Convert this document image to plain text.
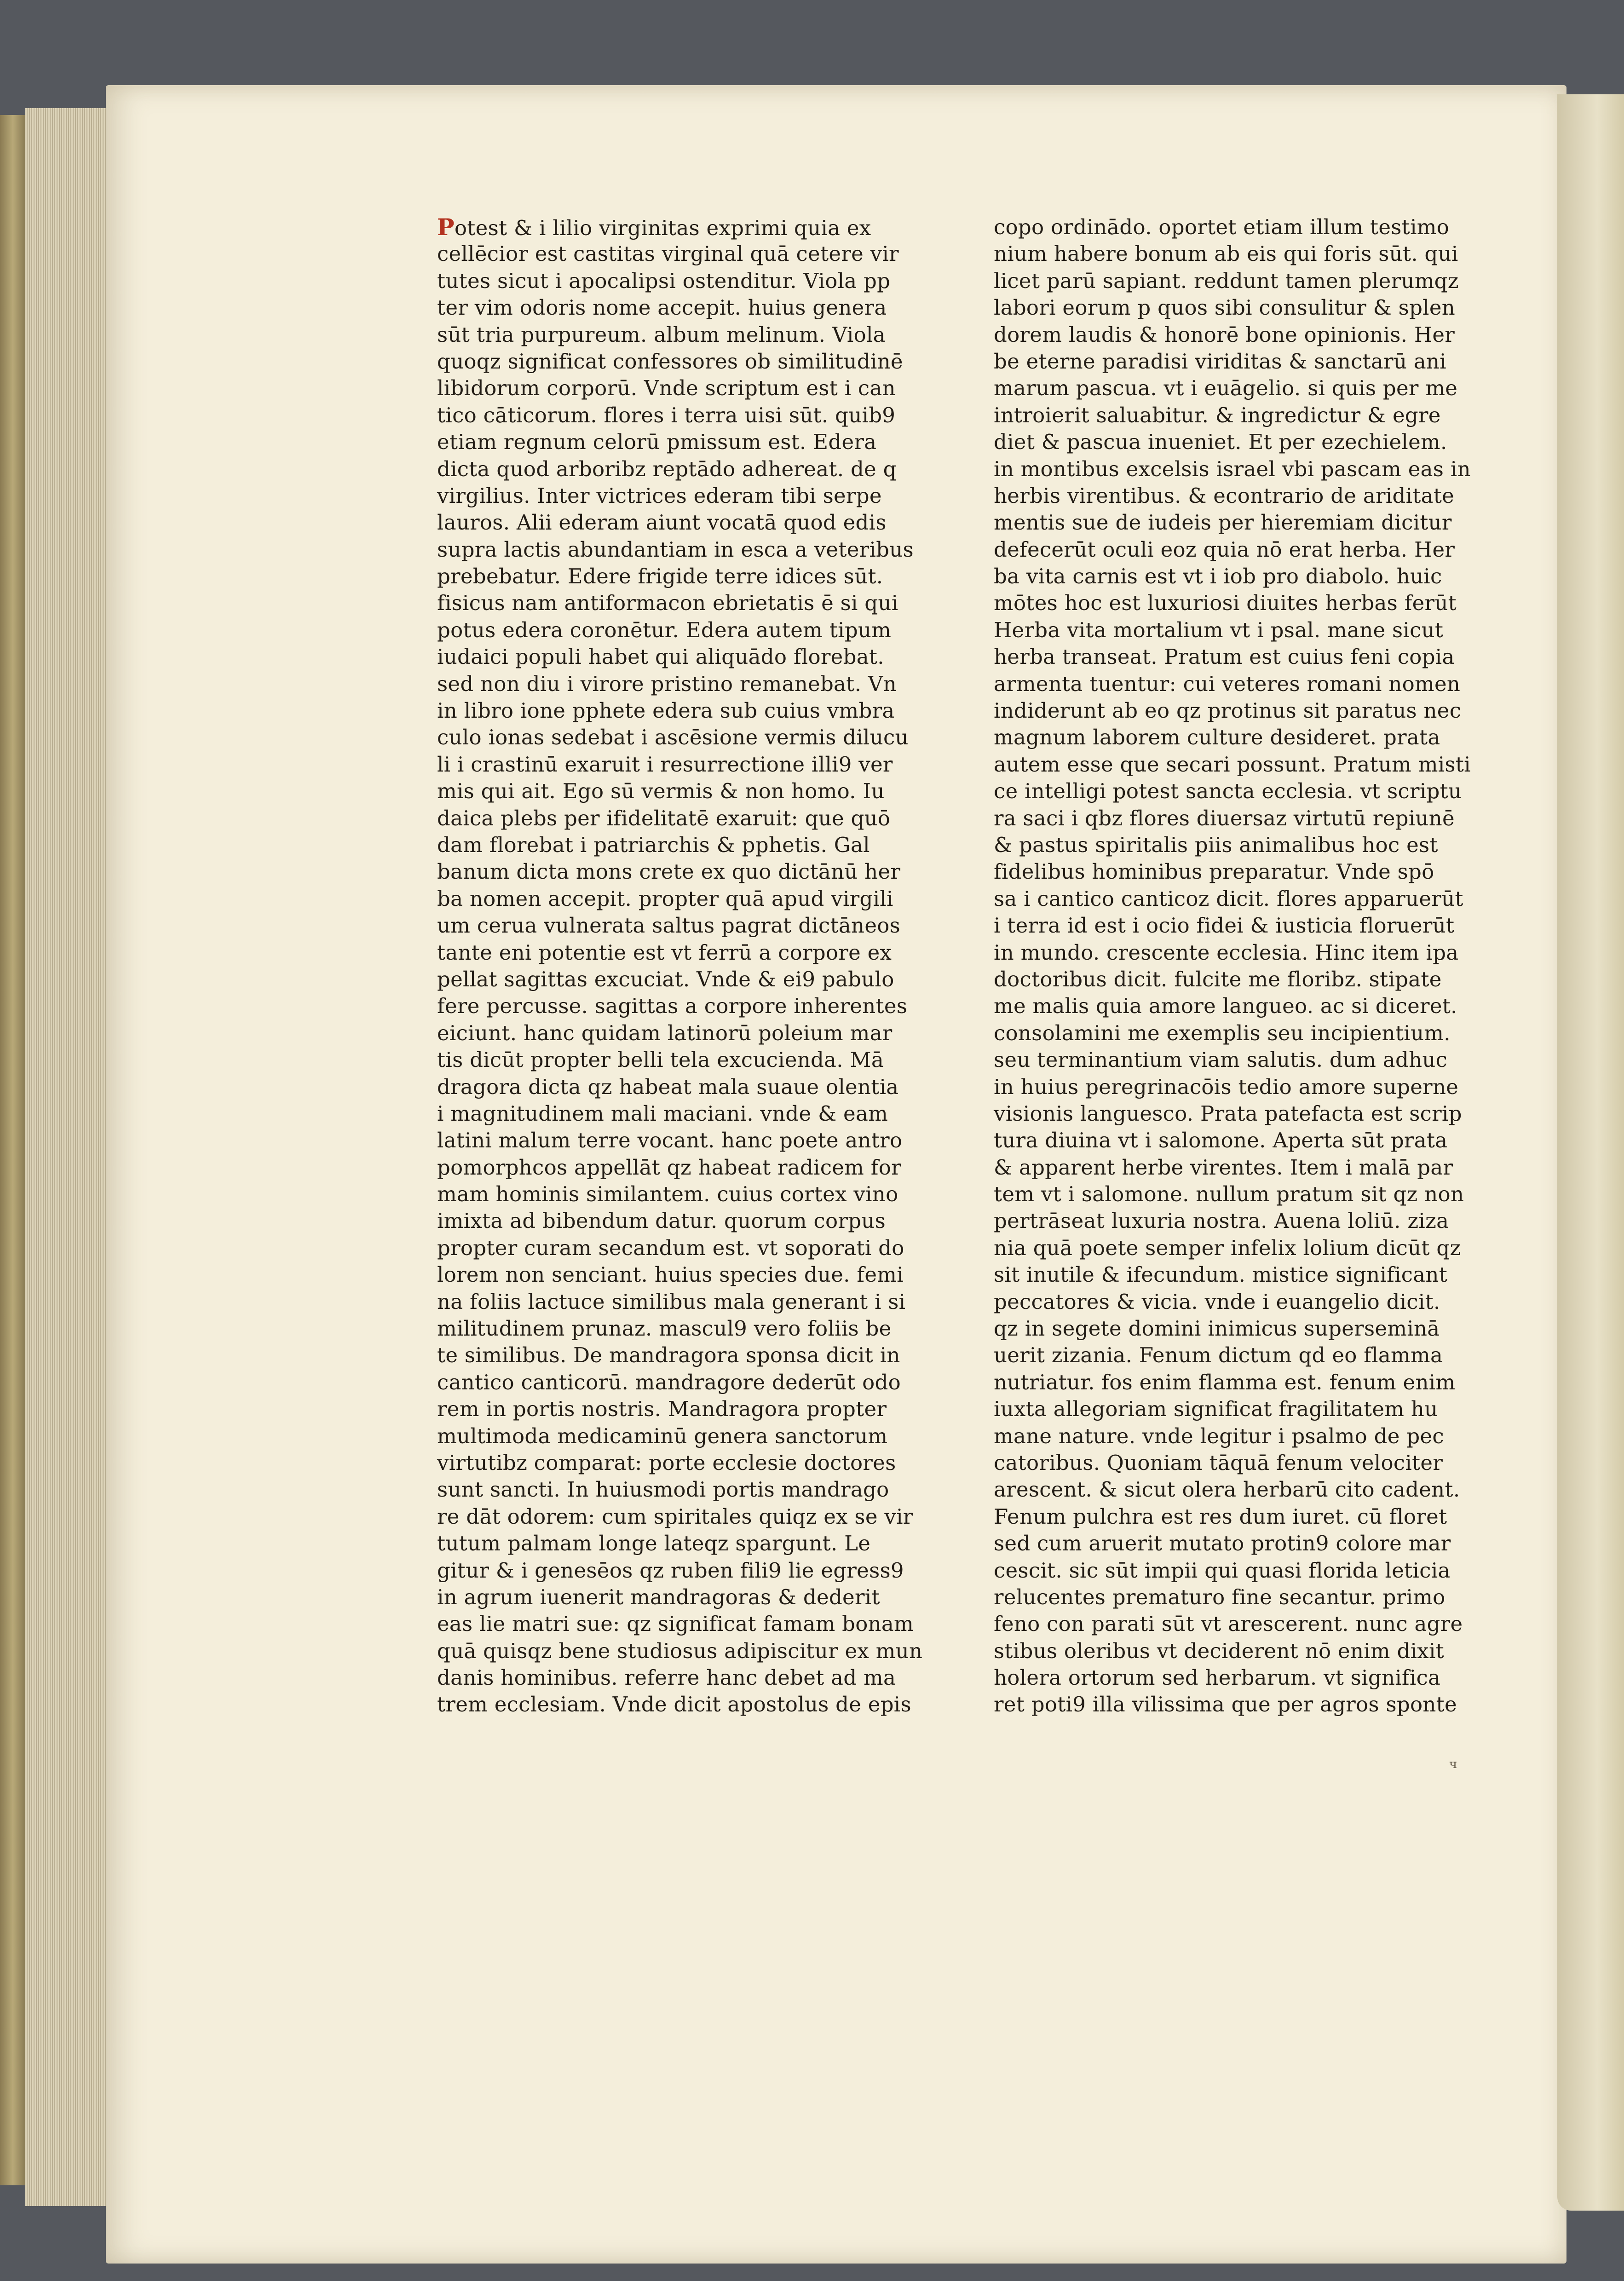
Potest & i lilio virginitas exprimi quia ex
cellēcior est castitas virginal quā cetere vir
tutes sicut i apocalipsi ostenditur. Viola pp
ter vim odoris nome accepit. huius genera
sūt tria purpureum. album melinum. Viola
quoqz significat confessores ob similitudinē
libidorum corporū. Vnde scriptum est i can
tico cāticorum. flores i terra uisi sūt. quib9
etiam regnum celorū pmissum est. Edera
dicta quod arboribz reptādo adhereat. de q
virgilius. Inter victrices ederam tibi serpe
lauros. Alii ederam aiunt vocatā quod edis
supra lactis abundantiam in esca a veteribus
prebebatur. Edere frigide terre idices sūt.
fisicus nam antiformacon ebrietatis ē si qui
potus edera coronētur. Edera autem tipum
iudaici populi habet qui aliquādo florebat.
sed non diu i virore pristino remanebat. Vn
in libro ione pphete edera sub cuius vmbra
culo ionas sedebat i ascēsione vermis dilucu
li i crastinū exaruit i resurrectione illi9 ver
mis qui ait. Ego sū vermis & non homo. Iu
daica plebs per ifidelitatē exaruit: que quō
dam florebat i patriarchis & pphetis. Gal
banum dicta mons crete ex quo dictānū her
ba nomen accepit. propter quā apud virgili
um cerua vulnerata saltus pagrat dictāneos
tante eni potentie est vt ferrū a corpore ex
pellat sagittas excuciat. Vnde & ei9 pabulo
fere percusse. sagittas a corpore inherentes
eiciunt. hanc quidam latinorū poleium mar
tis dicūt propter belli tela excucienda. Mā
dragora dicta qz habeat mala suaue olentia
i magnitudinem mali maciani. vnde & eam
latini malum terre vocant. hanc poete antro
pomorphcos appellāt qz habeat radicem for
mam hominis similantem. cuius cortex vino
imixta ad bibendum datur. quorum corpus
propter curam secandum est. vt soporati do
lorem non senciant. huius species due. femi
na foliis lactuce similibus mala generant i si
militudinem prunaz. mascul9 vero foliis be
te similibus. De mandragora sponsa dicit in
cantico canticorū. mandragore dederūt odo
rem in portis nostris. Mandragora propter
multimoda medicaminū genera sanctorum
virtutibz comparat: porte ecclesie doctores
sunt sancti. In huiusmodi portis mandrago
re dāt odorem: cum spiritales quiqz ex se vir
tutum palmam longe lateqz spargunt. Le
gitur & i genesēos qz ruben fili9 lie egress9
in agrum iuenerit mandragoras & dederit
eas lie matri sue: qz significat famam bonam
quā quisqz bene studiosus adipiscitur ex mun
danis hominibus. referre hanc debet ad ma
trem ecclesiam. Vnde dicit apostolus de epis
copo ordinādo. oportet etiam illum testimo
nium habere bonum ab eis qui foris sūt. qui
licet parū sapiant. reddunt tamen plerumqz
labori eorum p quos sibi consulitur & splen
dorem laudis & honorē bone opinionis. Her
be eterne paradisi viriditas & sanctarū ani
marum pascua. vt i euāgelio. si quis per me
introierit saluabitur. & ingredictur & egre
diet & pascua inueniet. Et per ezechielem.
in montibus excelsis israel vbi pascam eas in
herbis virentibus. & econtrario de ariditate
mentis sue de iudeis per hieremiam dicitur
defecerūt oculi eoz quia nō erat herba. Her
ba vita carnis est vt i iob pro diabolo. huic
mōtes hoc est luxuriosi diuites herbas ferūt
Herba vita mortalium vt i psal. mane sicut
herba transeat. Pratum est cuius feni copia
armenta tuentur: cui veteres romani nomen
indiderunt ab eo qz protinus sit paratus nec
magnum laborem culture desideret. prata
autem esse que secari possunt. Pratum misti
ce intelligi potest sancta ecclesia. vt scriptu
ra saci i qbz flores diuersaz virtutū repiunē
& pastus spiritalis piis animalibus hoc est
fidelibus hominibus preparatur. Vnde spō
sa i cantico canticoz dicit. flores apparuerūt
i terra id est i ocio fidei & iusticia floruerūt
in mundo. crescente ecclesia. Hinc item ipa
doctoribus dicit. fulcite me floribz. stipate
me malis quia amore langueo. ac si diceret.
consolamini me exemplis seu incipientium.
seu terminantium viam salutis. dum adhuc
in huius peregrinacōis tedio amore superne
visionis languesco. Prata patefacta est scrip
tura diuina vt i salomone. Aperta sūt prata
& apparent herbe virentes. Item i malā par
tem vt i salomone. nullum pratum sit qz non
pertrāseat luxuria nostra. Auena loliū. ziza
nia quā poete semper infelix lolium dicūt qz
sit inutile & ifecundum. mistice significant
peccatores & vicia. vnde i euangelio dicit.
qz in segete domini inimicus superseminā
uerit zizania. Fenum dictum qd eo flamma
nutriatur. fos enim flamma est. fenum enim
iuxta allegoriam significat fragilitatem hu
mane nature. vnde legitur i psalmo de pec
catoribus. Quoniam tāquā fenum velociter
arescent. & sicut olera herbarū cito cadent.
Fenum pulchra est res dum iuret. cū floret
sed cum aruerit mutato protin9 colore mar
cescit. sic sūt impii qui quasi florida leticia
relucentes prematuro fine secantur. primo
feno con parati sūt vt arescerent. nunc agre
stibus oleribus vt deciderent nō enim dixit
holera ortorum sed herbarum. vt significa
ret poti9 illa vilissima que per agros sponte
ч
